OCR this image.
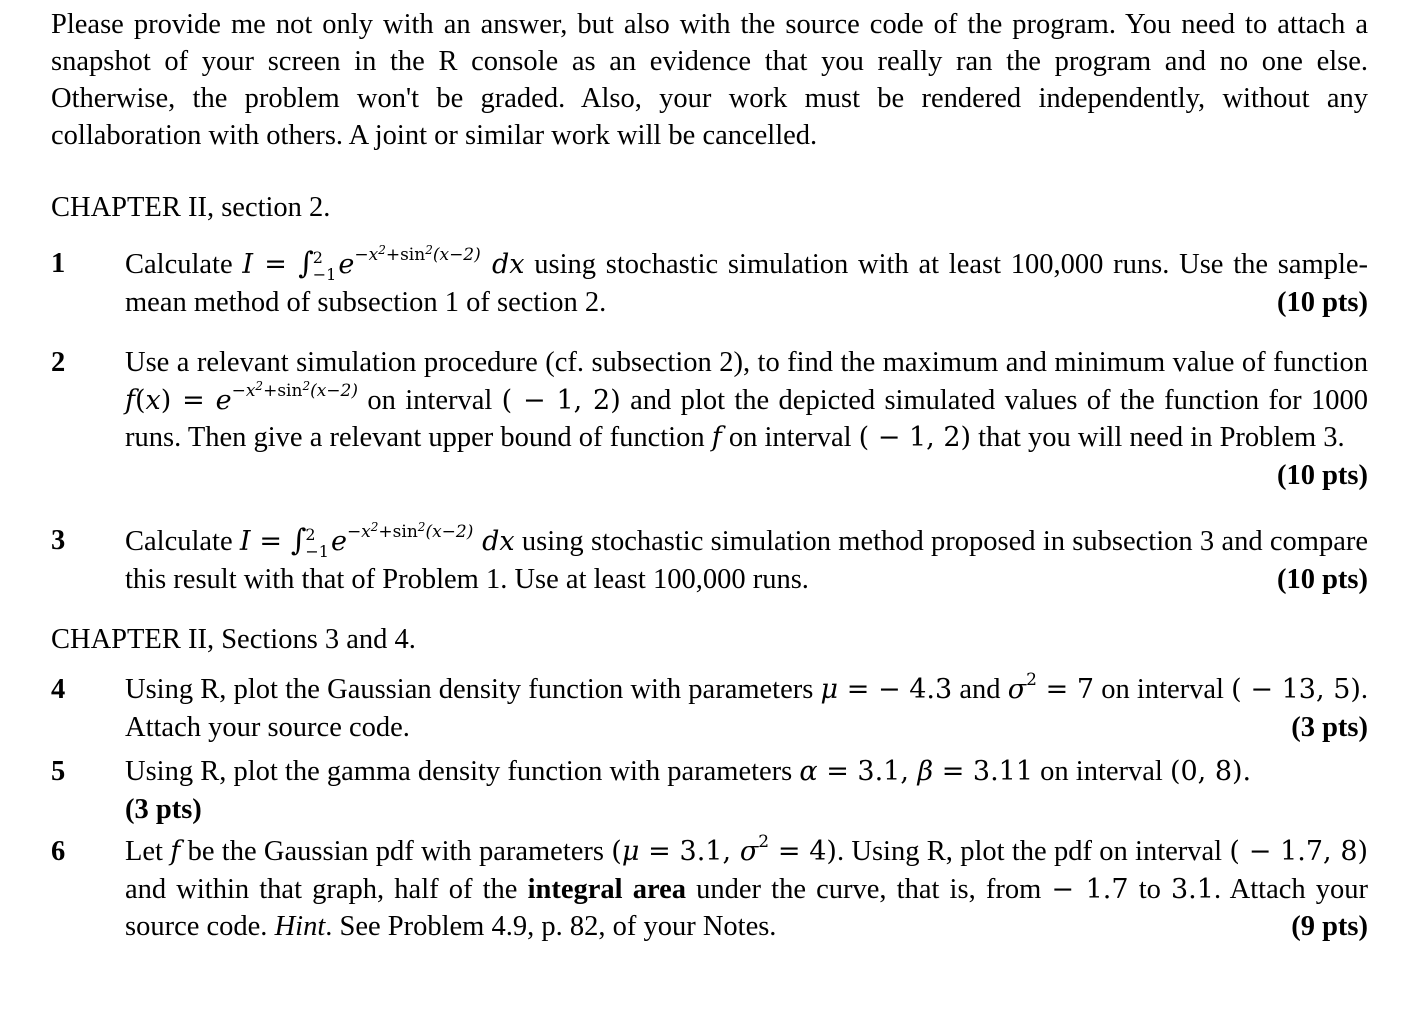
Please provide me not only with an answer, but also with the source code of the program. You need to attach a snapshot of your screen in the R console as an evidence that you really ran the program and no one else. Otherwise, the problem won't be graded. Also, your work must be rendered independently, without any collaboration with others. A joint or similar work will be cancelled.
CHAPTER II, section 2.
1 Calculate I = ∫ 2
−1 $e^{-x^2+sin^2(x-2)}$ dx using stochastic simulation with at least 100,000 runs. Use the sample-mean method of subsection 1 of section 2.	(10 pts)
2 Use a relevant simulation procedure (cf. subsection 2), to find the maximum and minimum value of function $f(x) = e^{-x^2+sin^2(x-2)}$ on interval ( − 1, 2) and plot the depicted simulated values of the function for 1000 runs. Then give a relevant upper bound of function f on interval ( − 1, 2) that you will need in Problem 3.
(10 pts)
3 Calculate I = ∫ 2
−1 $e^{-x^2+sin^2(x-2)}$ dx using stochastic simulation method proposed in subsection 3 and compare this result with that of Problem 1. Use at least 100,000 runs.	(10 pts)
CHAPTER II, Sections 3 and 4.
4 Using R, plot the Gaussian density function with parameters μ = − 4.3 and $\sigma^2 = 7$ on interval ( − 13, 5). Attach your source code.	(3 pts)
5 Using R, plot the gamma density function with parameters α = 3.1, β = 3.11 on interval (0, 8).
(3 pts)
6 Let f be the Gaussian pdf with parameters (μ = 3.1, $\sigma^2 = 4$). Using R, plot the pdf on interval ( − 1.7, 8) and within that graph, half of the integral area under the curve, that is, from − 1.7 to 3.1. Attach your source code. Hint. See Problem 4.9, p. 82, of your Notes.	(9 pts)
